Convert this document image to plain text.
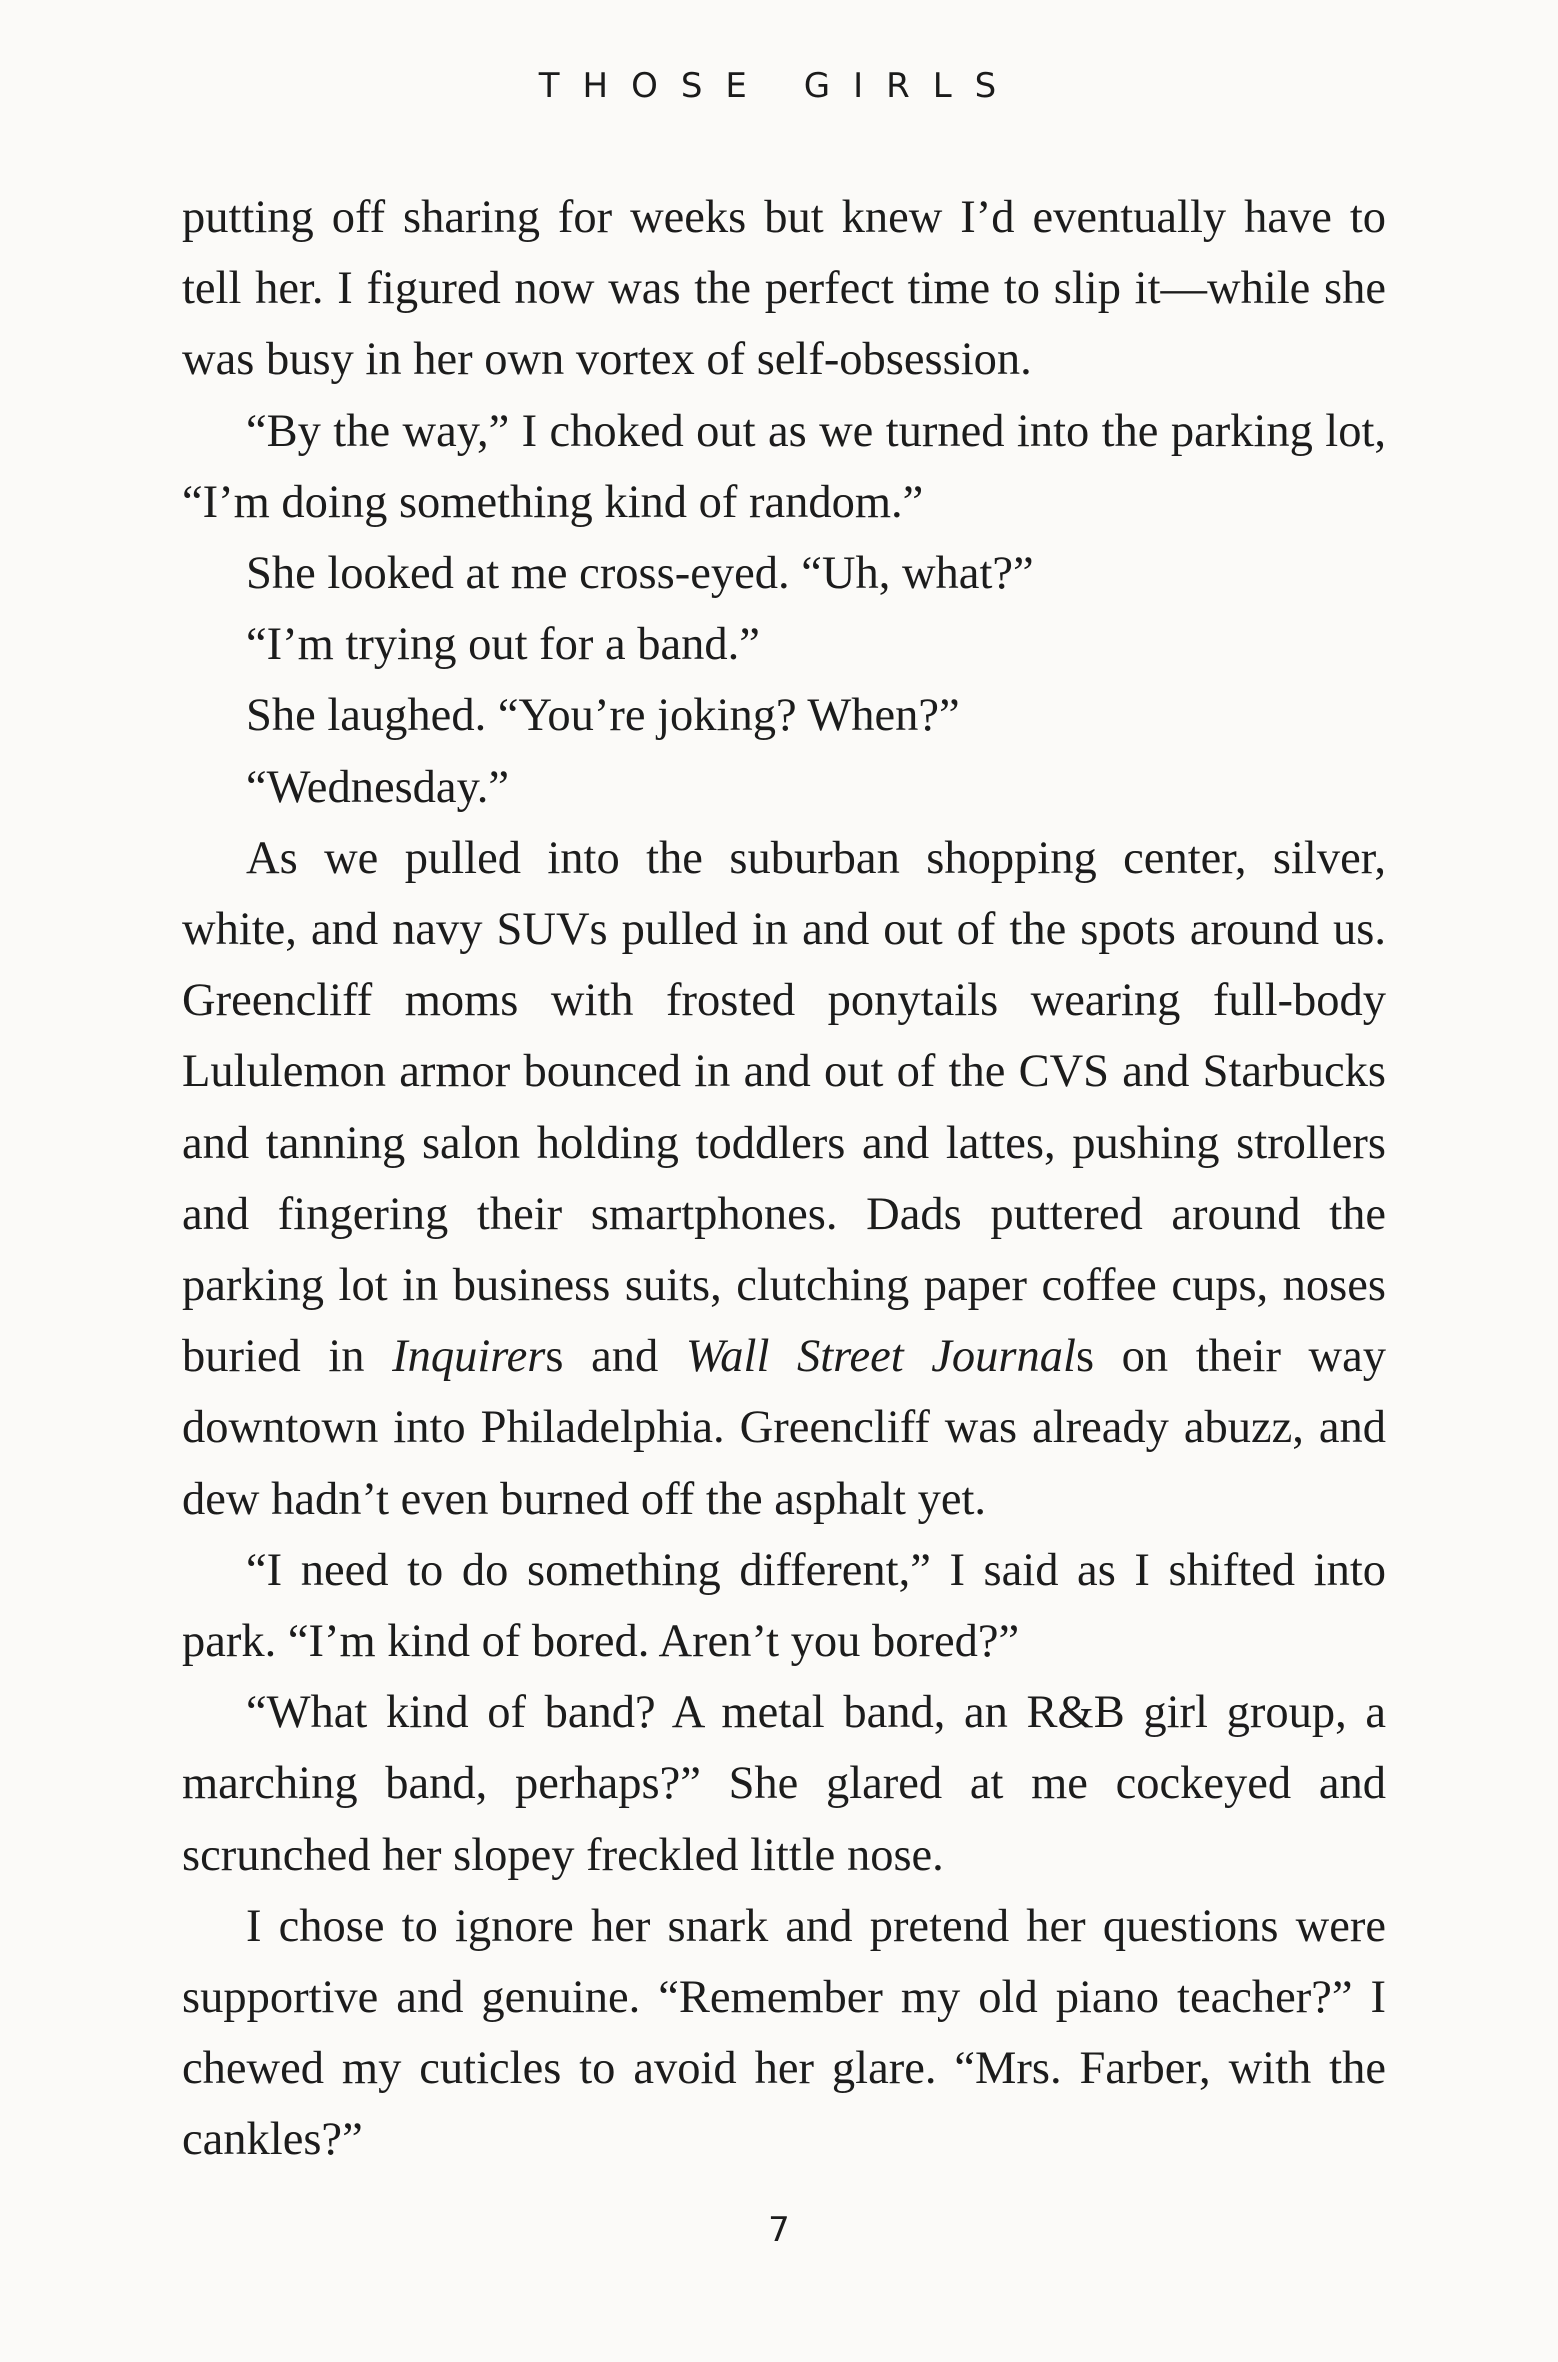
THOSE GIRLS

putting off sharing for weeks but knew I’d eventually have to tell her. I figured now was the perfect time to slip it—while she was busy in her own vortex of self-obsession.

“By the way,” I choked out as we turned into the parking lot, “I’m doing something kind of random.”

She looked at me cross-eyed. “Uh, what?”

“I’m trying out for a band.”

She laughed. “You’re joking? When?”

“Wednesday.”

As we pulled into the suburban shopping center, silver, white, and navy SUVs pulled in and out of the spots around us. Greencliff moms with frosted ponytails wearing full-body Lululemon armor bounced in and out of the CVS and Starbucks and tanning salon holding toddlers and lattes, pushing strollers and fingering their smartphones. Dads puttered around the parking lot in business suits, clutching paper coffee cups, noses buried in Inquirers and Wall Street Journals on their way downtown into Philadelphia. Greencliff was already abuzz, and dew hadn’t even burned off the asphalt yet.

“I need to do something different,” I said as I shifted into park. “I’m kind of bored. Aren’t you bored?”

“What kind of band? A metal band, an R&B girl group, a marching band, perhaps?” She glared at me cockeyed and scrunched her slopey freckled little nose.

I chose to ignore her snark and pretend her questions were supportive and genuine. “Remember my old piano teacher?” I chewed my cuticles to avoid her glare. “Mrs. Farber, with the cankles?”

7
